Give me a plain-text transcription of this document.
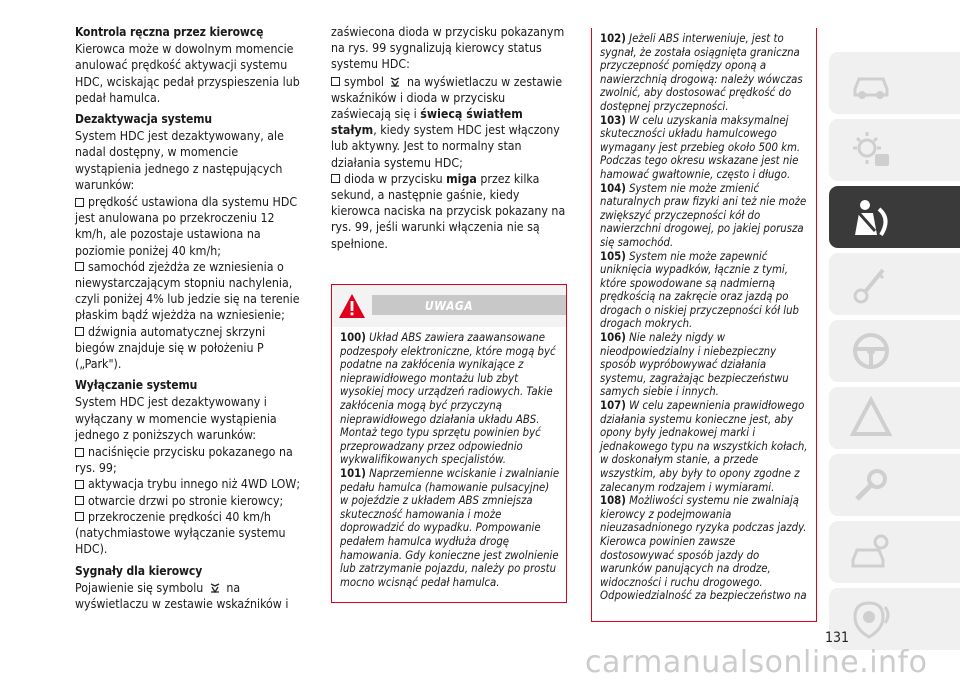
Kontrola ręczna przez kierowcę
Kierowca może w dowolnym momencie anulować prędkość aktywacji systemu HDC, wciskając pedał przyspieszenia lub pedał hamulca.
Dezaktywacja systemu
System HDC jest dezaktywowany, ale nadal dostępny, w momencie wystąpienia jednego z następujących warunków:
prędkość ustawiona dla systemu HDC jest anulowana po przekroczeniu 12 km/h, ale pozostaje ustawiona na poziomie poniżej 40 km/h;
samochód zjeżdża ze wzniesienia o niewystarczającym stopniu nachylenia, czyli poniżej 4% lub jedzie się na terenie płaskim bądź wjeżdża na wzniesienie;
dźwignia automatycznej skrzyni biegów znajduje się w położeniu P („Park").
Wyłączanie systemu
System HDC jest dezaktywowany i wyłączany w momencie wystąpienia jednego z poniższych warunków:
naciśnięcie przycisku pokazanego na rys. 99;
aktywacja trybu innego niż 4WD LOW;
otwarcie drzwi po stronie kierowcy;
przekroczenie prędkości 40 km/h (natychmiastowe wyłączanie systemu HDC).
Sygnały dla kierowcy
Pojawienie się symbolu na wyświetlaczu w zestawie wskaźników i
zaświecona dioda w przycisku pokazanym na rys. 99 sygnalizują kierowcy status systemu HDC:
symbol na wyświetlaczu w zestawie wskaźników i dioda w przycisku zaświecają się i świecą światłem stałym, kiedy system HDC jest włączony lub aktywny. Jest to normalny stan działania systemu HDC;
dioda w przycisku miga przez kilka sekund, a następnie gaśnie, kiedy kierowca naciska na przycisk pokazany na rys. 99, jeśli warunki włączenia nie są spełnione.
UWAGA
100) Układ ABS zawiera zaawansowane podzespoły elektroniczne, które mogą być podatne na zakłócenia wynikające z nieprawidłowego montażu lub zbyt wysokiej mocy urządzeń radiowych. Takie zakłócenia mogą być przyczyną nieprawidłowego działania układu ABS. Montaż tego typu sprzętu powinien być przeprowadzany przez odpowiednio wykwalifikowanych specjalistów.
101) Naprzemienne wciskanie i zwalnianie pedału hamulca (hamowanie pulsacyjne) w pojeździe z układem ABS zmniejsza skuteczność hamowania i może doprowadzić do wypadku. Pompowanie pedałem hamulca wydłuża drogę hamowania. Gdy konieczne jest zwolnienie lub zatrzymanie pojazdu, należy po prostu mocno wcisnąć pedał hamulca.
102) Jeżeli ABS interweniuje, jest to sygnał, że została osiągnięta graniczna przyczepność pomiędzy oponą a nawierzchnią drogową: należy wówczas zwolnić, aby dostosować prędkość do dostępnej przyczepności.
103) W celu uzyskania maksymalnej skuteczności układu hamulcowego wymagany jest przebieg około 500 km. Podczas tego okresu wskazane jest nie hamować gwałtownie, często i długo.
104) System nie może zmienić naturalnych praw fizyki ani też nie może zwiększyć przyczepności kół do nawierzchni drogowej, po jakiej porusza się samochód.
105) System nie może zapewnić uniknięcia wypadków, łącznie z tymi, które spowodowane są nadmierną prędkością na zakręcie oraz jazdą po drogach o niskiej przyczepności kół lub drogach mokrych.
106) Nie należy nigdy w nieodpowiedzialny i niebezpieczny sposób wypróbowywać działania systemu, zagrażając bezpieczeństwu samych siebie i innych.
107) W celu zapewnienia prawidłowego działania systemu konieczne jest, aby opony były jednakowej marki i jednakowego typu na wszystkich kołach, w doskonałym stanie, a przede wszystkim, aby były to opony zgodne z zalecanym rodzajem i wymiarami.
108) Możliwości systemu nie zwalniają kierowcy z podejmowania nieuzasadnionego ryzyka podczas jazdy. Kierowca powinien zawsze dostosowywać sposób jazdy do warunków panujących na drodze, widoczności i ruchu drogowego. Odpowiedzialność za bezpieczeństwo na
131
carmanualsonline.info
